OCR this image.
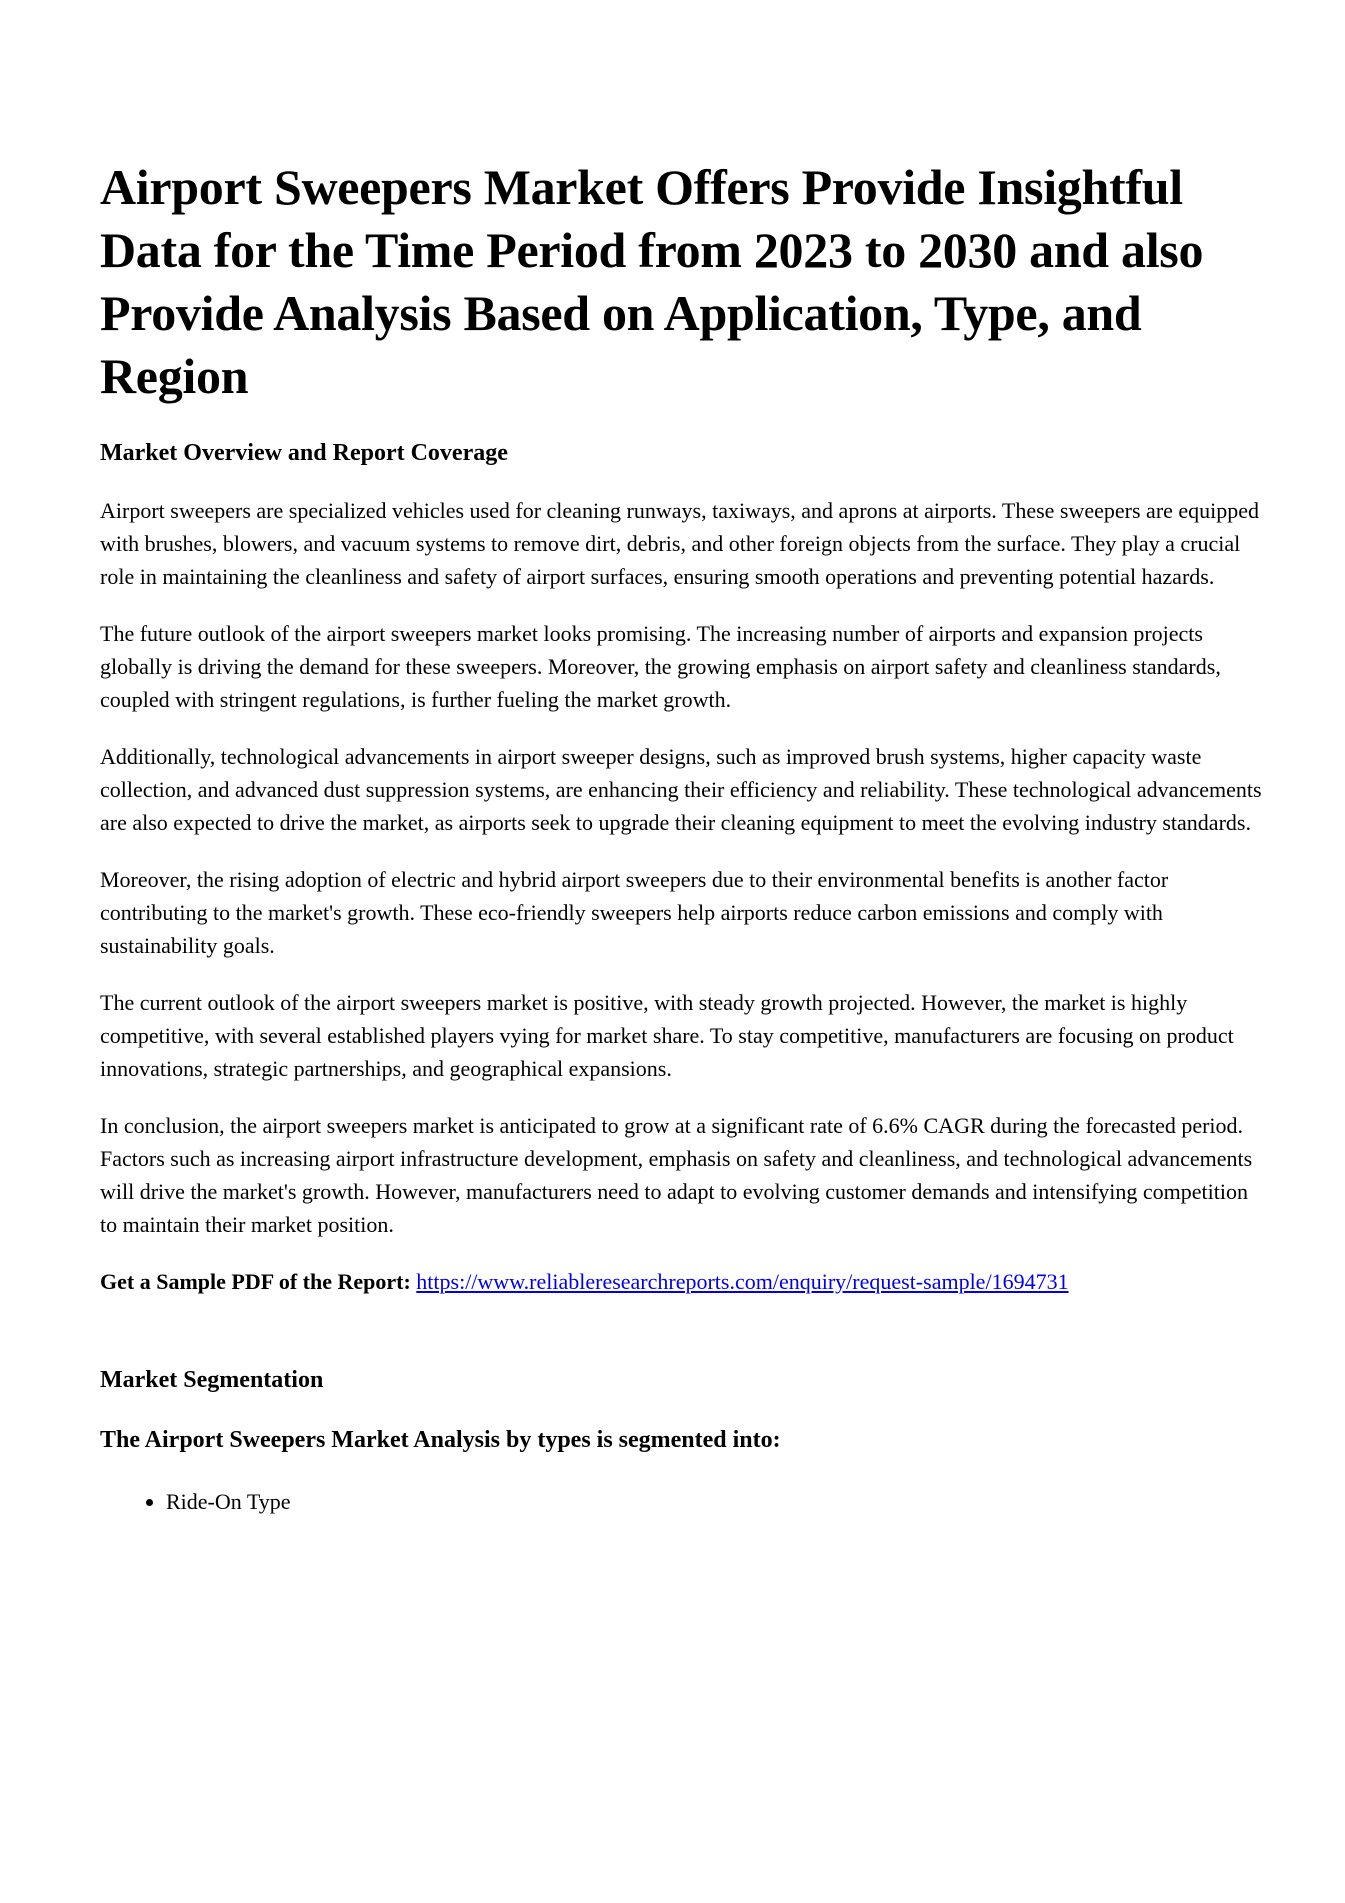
Airport Sweepers Market Offers Provide Insightful Data for the Time Period from 2023 to 2030 and also Provide Analysis Based on Application, Type, and Region
Market Overview and Report Coverage

Airport sweepers are specialized vehicles used for cleaning runways, taxiways, and aprons at airports. These sweepers are equipped with brushes, blowers, and vacuum systems to remove dirt, debris, and other foreign objects from the surface. They play a crucial role in maintaining the cleanliness and safety of airport surfaces, ensuring smooth operations and preventing potential hazards.

The future outlook of the airport sweepers market looks promising. The increasing number of airports and expansion projects globally is driving the demand for these sweepers. Moreover, the growing emphasis on airport safety and cleanliness standards, coupled with stringent regulations, is further fueling the market growth.

Additionally, technological advancements in airport sweeper designs, such as improved brush systems, higher capacity waste collection, and advanced dust suppression systems, are enhancing their efficiency and reliability. These technological advancements are also expected to drive the market, as airports seek to upgrade their cleaning equipment to meet the evolving industry standards.

Moreover, the rising adoption of electric and hybrid airport sweepers due to their environmental benefits is another factor contributing to the market's growth. These eco-friendly sweepers help airports reduce carbon emissions and comply with sustainability goals.

The current outlook of the airport sweepers market is positive, with steady growth projected. However, the market is highly competitive, with several established players vying for market share. To stay competitive, manufacturers are focusing on product innovations, strategic partnerships, and geographical expansions.

In conclusion, the airport sweepers market is anticipated to grow at a significant rate of 6.6% CAGR during the forecasted period. Factors such as increasing airport infrastructure development, emphasis on safety and cleanliness, and technological advancements will drive the market's growth. However, manufacturers need to adapt to evolving customer demands and intensifying competition to maintain their market position.

Get a Sample PDF of the Report: https://www.reliableresearchreports.com/enquiry/request-sample/1694731

Market Segmentation
The Airport Sweepers Market Analysis by types is segmented into:
• Ride-On Type
